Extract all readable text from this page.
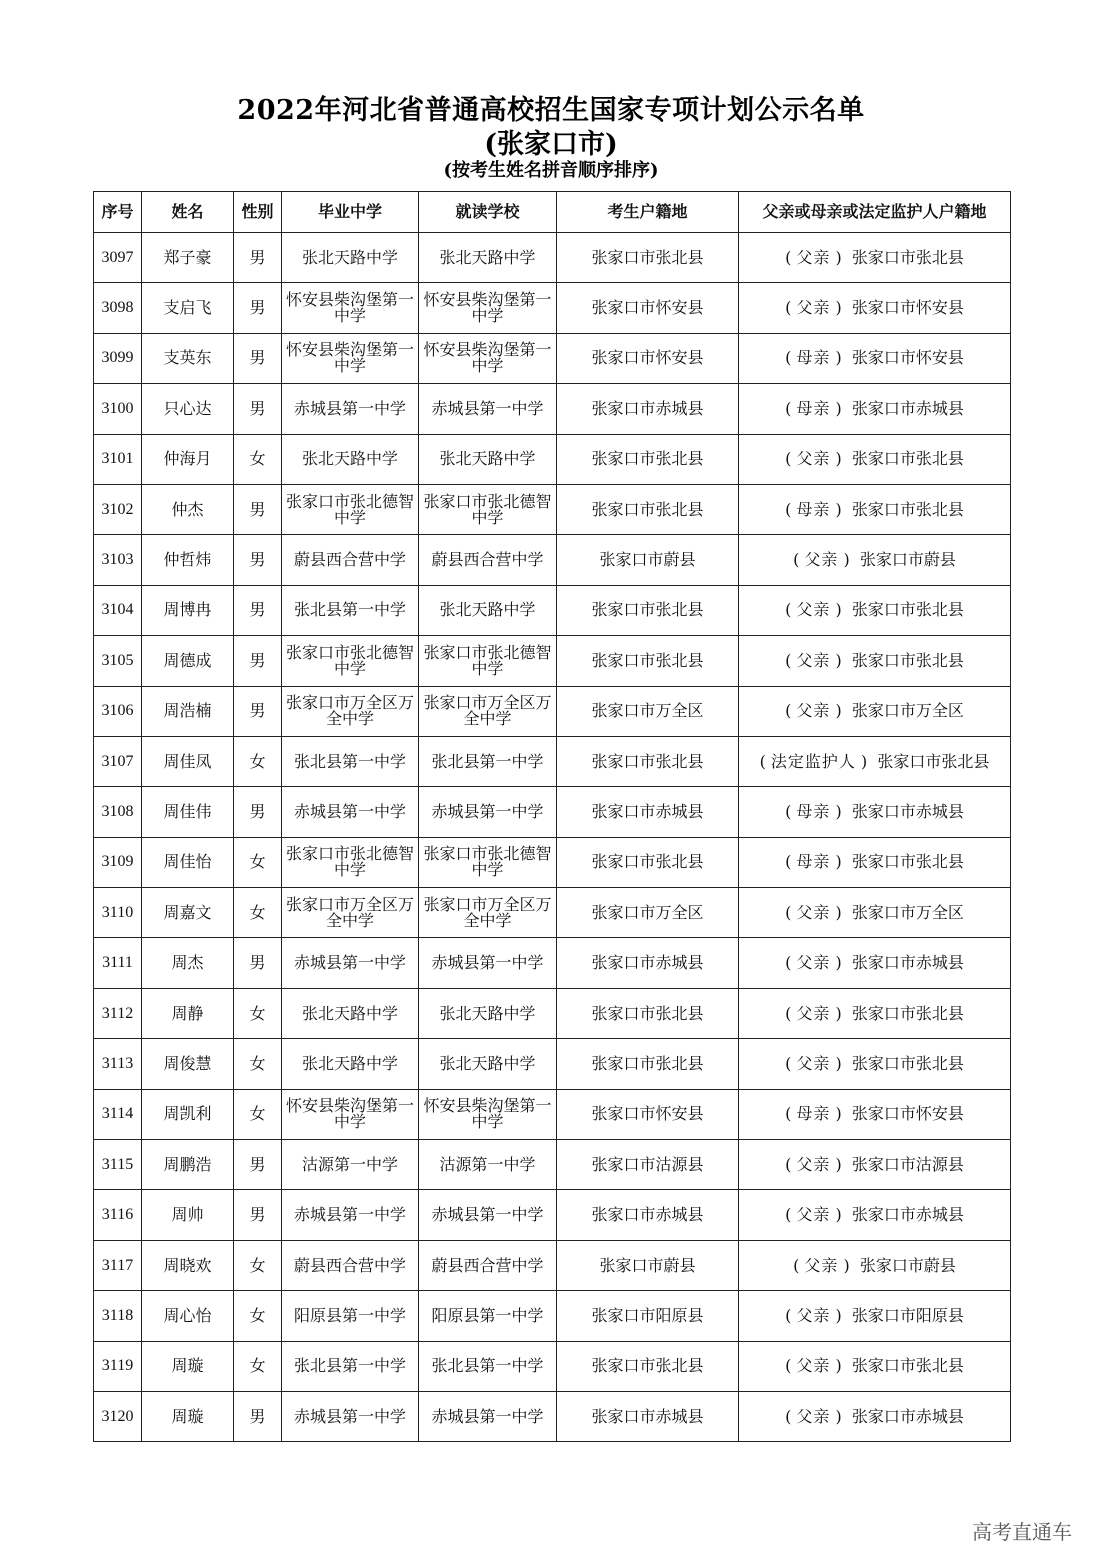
2022年河北省普通高校招生国家专项计划公示名单
(张家口市)
(按考生姓名拼音顺序排序)
序号	姓名	性别	毕业中学	就读学校	考生户籍地	父亲或母亲或法定监护人户籍地
3097	郑子豪	男	张北天路中学	张北天路中学	张家口市张北县	( 父亲 )  张家口市张北县
3098	支启飞	男	怀安县柴沟堡第一中学	怀安县柴沟堡第一中学	张家口市怀安县	( 父亲 )  张家口市怀安县
3099	支英东	男	怀安县柴沟堡第一中学	怀安县柴沟堡第一中学	张家口市怀安县	( 母亲 )  张家口市怀安县
3100	只心达	男	赤城县第一中学	赤城县第一中学	张家口市赤城县	( 母亲 )  张家口市赤城县
3101	仲海月	女	张北天路中学	张北天路中学	张家口市张北县	( 父亲 )  张家口市张北县
3102	仲杰	男	张家口市张北德智中学	张家口市张北德智中学	张家口市张北县	( 母亲 )  张家口市张北县
3103	仲哲炜	男	蔚县西合营中学	蔚县西合营中学	张家口市蔚县	( 父亲 )  张家口市蔚县
3104	周博冉	男	张北县第一中学	张北天路中学	张家口市张北县	( 父亲 )  张家口市张北县
3105	周德成	男	张家口市张北德智中学	张家口市张北德智中学	张家口市张北县	( 父亲 )  张家口市张北县
3106	周浩楠	男	张家口市万全区万全中学	张家口市万全区万全中学	张家口市万全区	( 父亲 )  张家口市万全区
3107	周佳凤	女	张北县第一中学	张北县第一中学	张家口市张北县	( 法定监护人 )  张家口市张北县
3108	周佳伟	男	赤城县第一中学	赤城县第一中学	张家口市赤城县	( 母亲 )  张家口市赤城县
3109	周佳怡	女	张家口市张北德智中学	张家口市张北德智中学	张家口市张北县	( 母亲 )  张家口市张北县
3110	周嘉文	女	张家口市万全区万全中学	张家口市万全区万全中学	张家口市万全区	( 父亲 )  张家口市万全区
3111	周杰	男	赤城县第一中学	赤城县第一中学	张家口市赤城县	( 父亲 )  张家口市赤城县
3112	周静	女	张北天路中学	张北天路中学	张家口市张北县	( 父亲 )  张家口市张北县
3113	周俊慧	女	张北天路中学	张北天路中学	张家口市张北县	( 父亲 )  张家口市张北县
3114	周凯利	女	怀安县柴沟堡第一中学	怀安县柴沟堡第一中学	张家口市怀安县	( 母亲 )  张家口市怀安县
3115	周鹏浩	男	沽源第一中学	沽源第一中学	张家口市沽源县	( 父亲 )  张家口市沽源县
3116	周帅	男	赤城县第一中学	赤城县第一中学	张家口市赤城县	( 父亲 )  张家口市赤城县
3117	周晓欢	女	蔚县西合营中学	蔚县西合营中学	张家口市蔚县	( 父亲 )  张家口市蔚县
3118	周心怡	女	阳原县第一中学	阳原县第一中学	张家口市阳原县	( 父亲 )  张家口市阳原县
3119	周璇	女	张北县第一中学	张北县第一中学	张家口市张北县	( 父亲 )  张家口市张北县
3120	周璇	男	赤城县第一中学	赤城县第一中学	张家口市赤城县	( 父亲 )  张家口市赤城县
高考直通车
